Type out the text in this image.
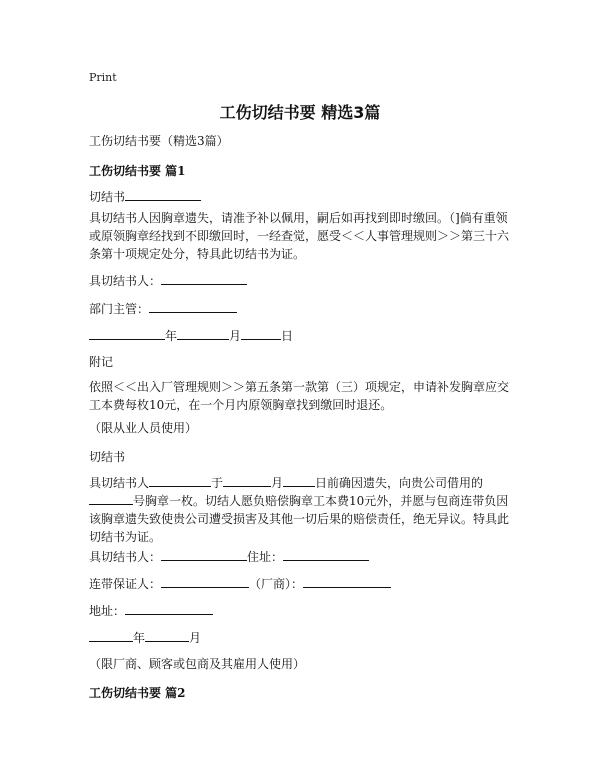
Print
工伤切结书要 精选3篇
工伤切结书要（精选3篇）
工伤切结书要 篇1
切结书
具切结书人因胸章遗失，请准予补以佩用，嗣后如再找到即时缴回。（]倘有重领或原领胸章经找到不即缴回时，一经查觉，愿受＜＜人事管理规则＞＞第三十六条第十项规定处分，特具此切结书为证。
具切结书人：
部门主管：
年	月	日
附记
依照＜＜出入厂管理规则＞＞第五条第一款第（三）项规定，申请补发胸章应交工本费每枚10元，在一个月内原领胸章找到缴回时退还。
（限从业人员使用）
切结书
具切结书人	于	月	日前确因遗失，向贵公司借用的号胸章一枚。切结人愿负赔偿胸章工本费10元外，并愿与包商连带负因该胸章遗失致使贵公司遭受损害及其他一切后果的赔偿责任，绝无异议。特具此切结书为证。
具切结书人：	住址：
连带保证人：	（厂商）：
地址：
年	月
（限厂商、顾客或包商及其雇用人使用）
工伤切结书要 篇2
